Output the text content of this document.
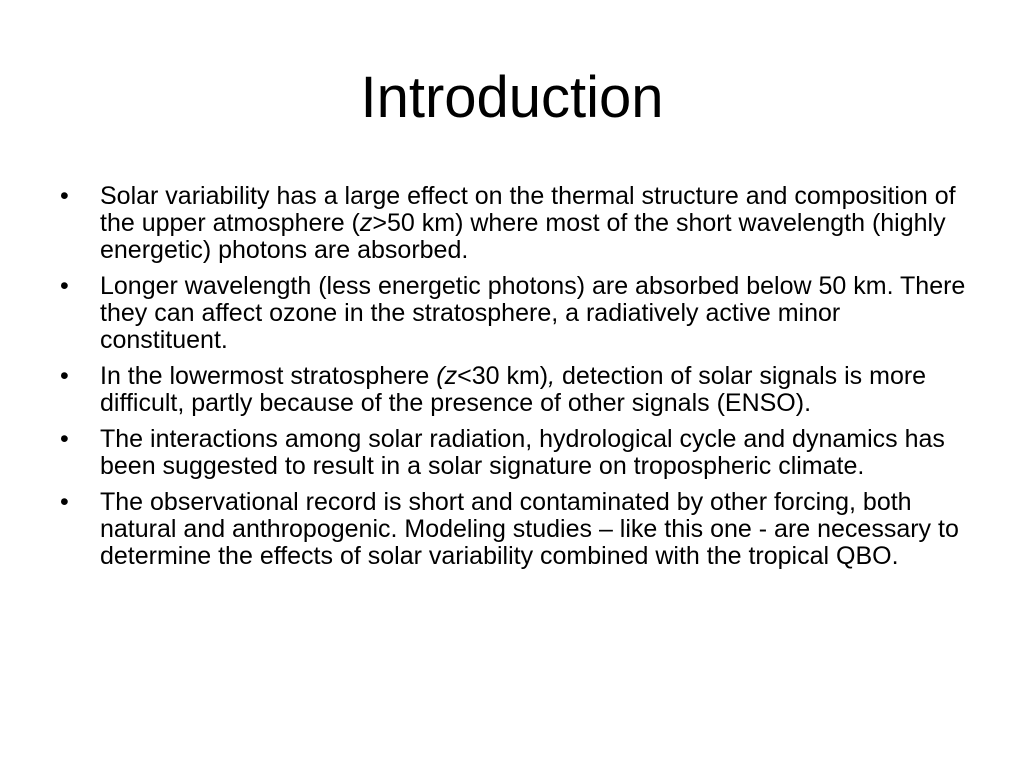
Introduction
•	Solar variability has a large effect on the thermal structure and composition of the upper atmosphere (z>50 km) where most of the short wavelength (highly energetic) photons are absorbed.
•	Longer wavelength (less energetic photons) are absorbed below 50 km. There they can affect ozone in the stratosphere, a radiatively active minor constituent.
•	In the lowermost stratosphere (z<30 km), detection of solar signals is more difficult, partly because of the presence of other signals (ENSO).
•	The interactions among solar radiation, hydrological cycle and dynamics has been suggested to result in a solar signature on tropospheric climate.
•	The observational record is short and contaminated by other forcing, both natural and anthropogenic. Modeling studies – like this one - are necessary to determine the effects of solar variability combined with the tropical QBO.
